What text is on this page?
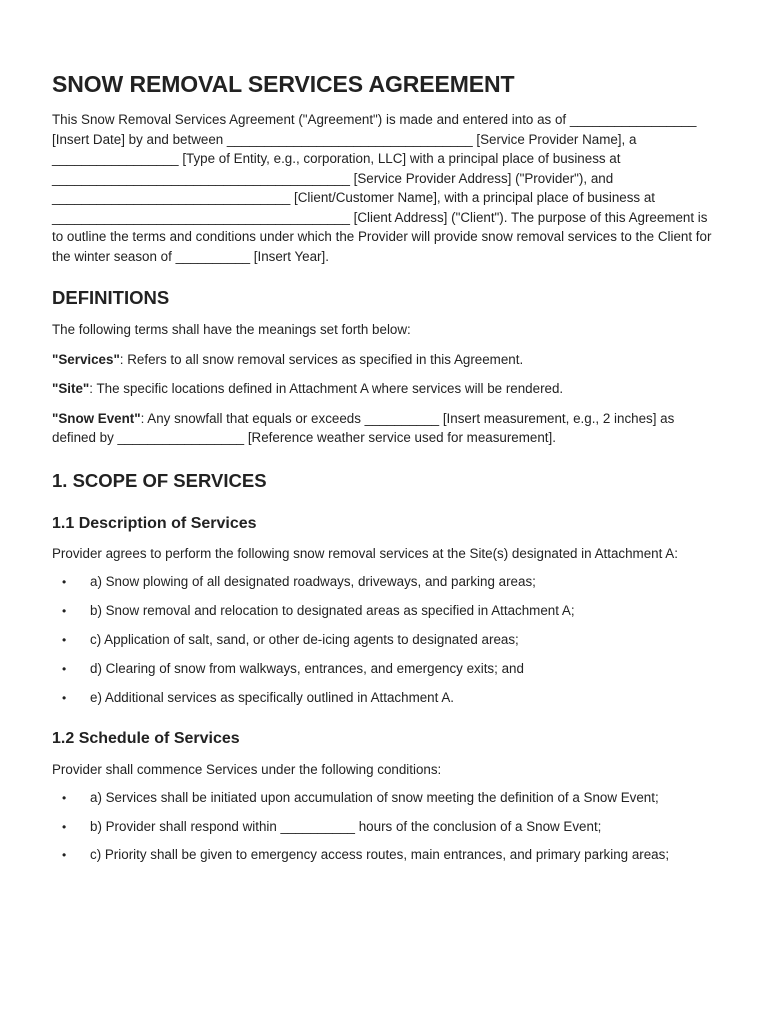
SNOW REMOVAL SERVICES AGREEMENT

This Snow Removal Services Agreement ("Agreement") is made and entered into as of _________________ [Insert Date] by and between _________________________________ [Service Provider Name], a _________________ [Type of Entity, e.g., corporation, LLC] with a principal place of business at ________________________________________ [Service Provider Address] ("Provider"), and ________________________________ [Client/Customer Name], with a principal place of business at ________________________________________ [Client Address] ("Client"). The purpose of this Agreement is to outline the terms and conditions under which the Provider will provide snow removal services to the Client for the winter season of __________ [Insert Year].

DEFINITIONS

The following terms shall have the meanings set forth below:

"Services": Refers to all snow removal services as specified in this Agreement.

"Site": The specific locations defined in Attachment A where services will be rendered.

"Snow Event": Any snowfall that equals or exceeds __________ [Insert measurement, e.g., 2 inches] as defined by _________________ [Reference weather service used for measurement].

1. SCOPE OF SERVICES
1.1 Description of Services

Provider agrees to perform the following snow removal services at the Site(s) designated in Attachment A:

• a) Snow plowing of all designated roadways, driveways, and parking areas;
• b) Snow removal and relocation to designated areas as specified in Attachment A;
• c) Application of salt, sand, or other de-icing agents to designated areas;
• d) Clearing of snow from walkways, entrances, and emergency exits; and
• e) Additional services as specifically outlined in Attachment A.
1.2 Schedule of Services

Provider shall commence Services under the following conditions:

• a) Services shall be initiated upon accumulation of snow meeting the definition of a Snow Event;
• b) Provider shall respond within __________ hours of the conclusion of a Snow Event;
• c) Priority shall be given to emergency access routes, main entrances, and primary parking areas;
